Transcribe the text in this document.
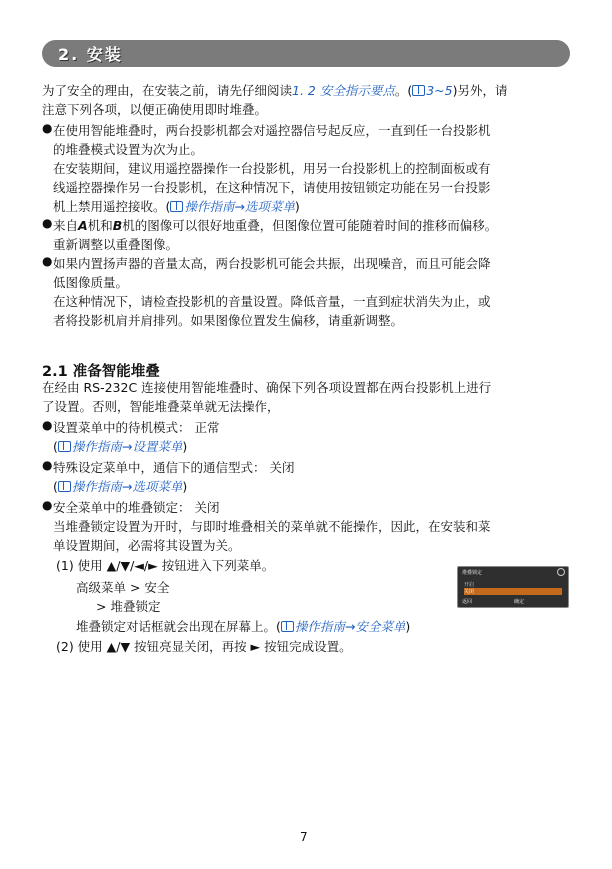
2. 安装
为了安全的理由，在安装之前，请先仔细阅读1. 2 安全指示要点。( 3~5)另外，请
注意下列各项，以便正确使用即时堆叠。
● 在使用智能堆叠时，两台投影机都会对遥控器信号起反应，一直到任一台投影机
的堆叠模式设置为次为止。
在安装期间，建议用遥控器操作一台投影机，用另一台投影机上的控制面板或有
线遥控器操作另一台投影机，在这种情况下，请使用按钮锁定功能在另一台投影
机上禁用遥控接收。( 操作指南→选项菜单)
● 来自A机和B机的图像可以很好地重叠，但图像位置可能随着时间的推移而偏移。
重新调整以重叠图像。
● 如果内置扬声器的音量太高，两台投影机可能会共振，出现噪音，而且可能会降
低图像质量。
在这种情况下，请检查投影机的音量设置。降低音量，一直到症状消失为止，或
者将投影机肩并肩排列。如果图像位置发生偏移，请重新调整。
2.1 准备智能堆叠
在经由 RS-232C 连接使用智能堆叠时、确保下列各项设置都在两台投影机上进行
了设置。否则，智能堆叠菜单就无法操作，
● 设置菜单中的待机模式： 正常
( 操作指南→设置菜单)
● 特殊设定菜单中，通信下的通信型式： 关闭
( 操作指南→选项菜单)
● 安全菜单中的堆叠锁定： 关闭
当堆叠锁定设置为开时，与即时堆叠相关的菜单就不能操作，因此，在安装和菜
单设置期间，必需将其设置为关。
(1) 使用 ▲/▼/◄/► 按钮进入下列菜单。
高级菜单 > 安全
> 堆叠锁定
堆叠锁定对话框就会出现在屏幕上。( 操作指南→安全菜单)
(2) 使用 ▲/▼ 按钮亮显关闭，再按 ► 按钮完成设置。
堆叠锁定
开启
关闭
返回	确定
7
